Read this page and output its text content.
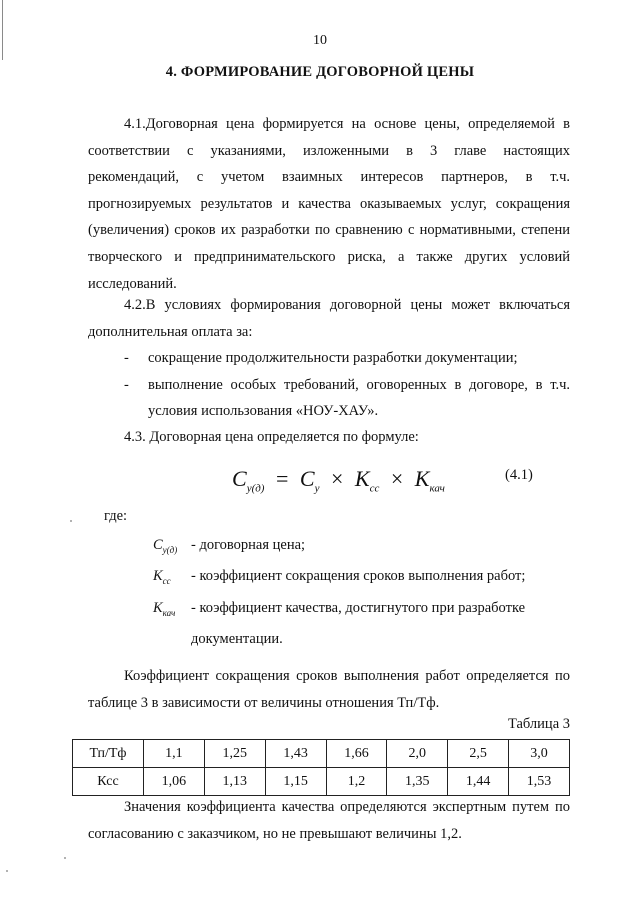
10
4. ФОРМИРОВАНИЕ ДОГОВОРНОЙ ЦЕНЫ

4.1.Договорная цена формируется на основе цены, определяемой в соответствии с указаниями, изложенными в 3 главе настоящих рекомендаций, с учетом взаимных интересов партнеров, в т.ч. прогнозируемых результатов и качества оказываемых услуг, сокращения (увеличения) сроков их разработки по сравнению с нормативными, степени творческого и предпринимательского риска, а также других условий исследований.

4.2.В условиях формирования договорной цены может включаться дополнительная оплата за:

- сокращение продолжительности разработки документации;

- выполнение особых требований, оговоренных в договоре, в т.ч. условия использования «НОУ-ХАУ».

4.3. Договорная цена определяется по формуле:
$C_{у(д)} = C_у \times K_{сс} \times K_{кач}$
(4.1)
где:
$С_{у(д)}$ - договорная цена;
$К_{сс}$	- коэффициент сокращения сроков выполнения работ;
$К_{кач}$	- коэффициент качества, достигнутого при разработке
документации.

Коэффициент сокращения сроков выполнения работ определяется по таблице 3 в зависимости от величины отношения Тп/Тф.

Таблица 3
Тп/Тф	1,1	1,25	1,43	1,66	2,0	2,5	3,0
Ксс	1,06	1,13	1,15	1,2	1,35	1,44	1,53

Значения коэффициента качества определяются экспертным путем по согласованию с заказчиком, но не превышают величины 1,2.
